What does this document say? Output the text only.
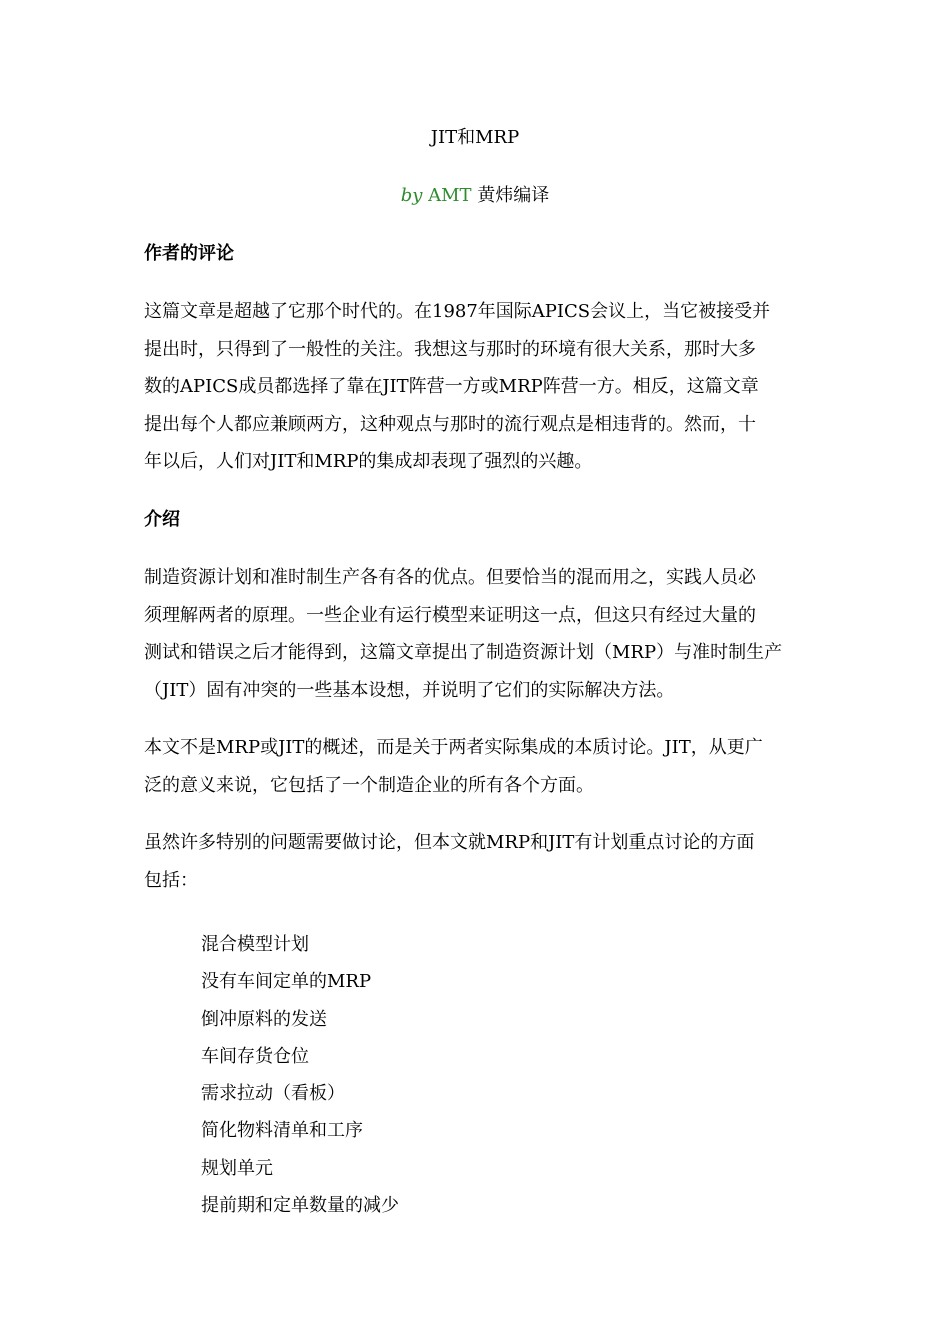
JIT和MRP
by AMT 黄炜编译
作者的评论

这篇文章是超越了它那个时代的。在1987年国际APICS会议上，当它被接受并
提出时，只得到了一般性的关注。我想这与那时的环境有很大关系，那时大多
数的APICS成员都选择了靠在JIT阵营一方或MRP阵营一方。相反，这篇文章
提出每个人都应兼顾两方，这种观点与那时的流行观点是相违背的。然而，十
年以后，人们对JIT和MRP的集成却表现了强烈的兴趣。

介绍

制造资源计划和准时制生产各有各的优点。但要恰当的混而用之，实践人员必
须理解两者的原理。一些企业有运行模型来证明这一点，但这只有经过大量的
测试和错误之后才能得到，这篇文章提出了制造资源计划（MRP）与准时制生产
（JIT）固有冲突的一些基本设想，并说明了它们的实际解决方法。

本文不是MRP或JIT的概述，而是关于两者实际集成的本质讨论。JIT，从更广
泛的意义来说，它包括了一个制造企业的所有各个方面。

虽然许多特别的问题需要做讨论，但本文就MRP和JIT有计划重点讨论的方面
包括：

混合模型计划
没有车间定单的MRP
倒冲原料的发送
车间存货仓位
需求拉动（看板）
简化物料清单和工序
规划单元
提前期和定单数量的减少
